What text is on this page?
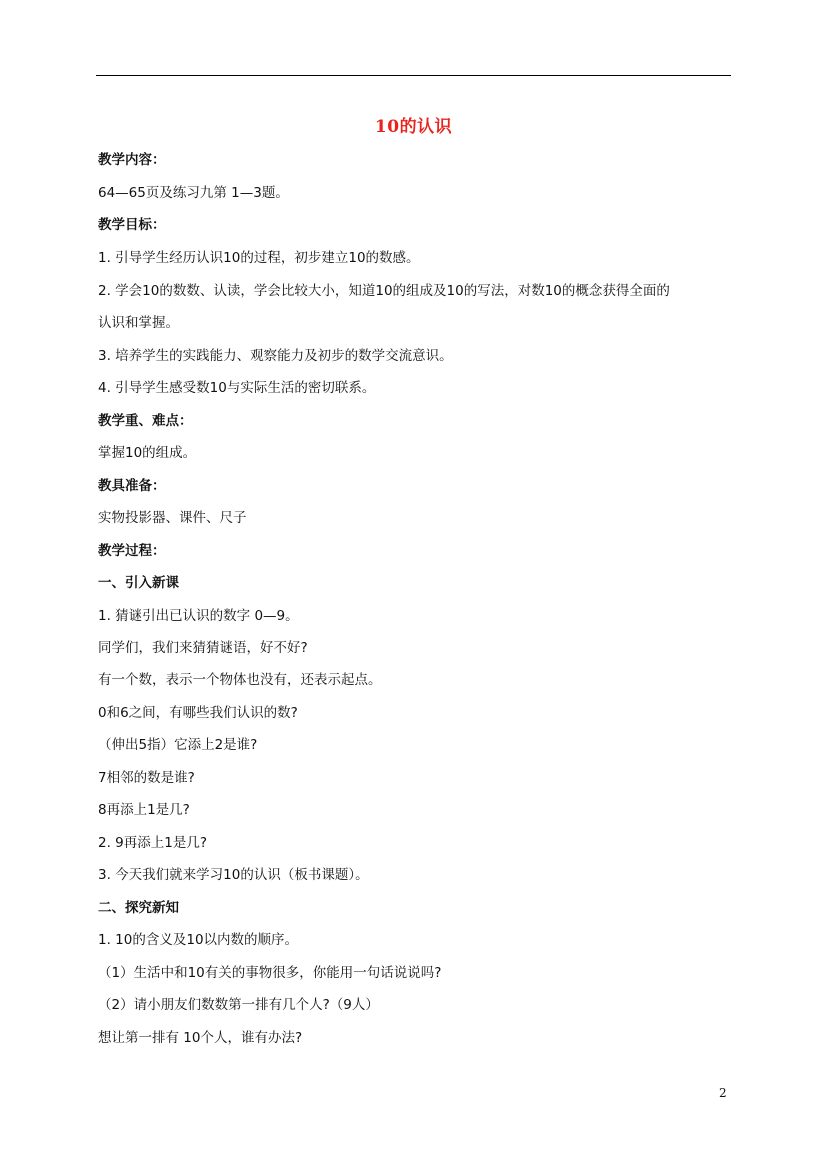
10的认识
教学内容：
64—65页及练习九第 1—3题。
教学目标：
1. 引导学生经历认识10的过程，初步建立10的数感。
2. 学会10的数数、认读，学会比较大小，知道10的组成及10的写法，对数10的概念获得全面的
认识和掌握。
3. 培养学生的实践能力、观察能力及初步的数学交流意识。
4. 引导学生感受数10与实际生活的密切联系。
教学重、难点：
掌握10的组成。
教具准备：
实物投影器、课件、尺子
教学过程：
一、引入新课
1. 猜谜引出已认识的数字 0—9。
同学们，我们来猜猜谜语，好不好?
有一个数，表示一个物体也没有，还表示起点。
0和6之间，有哪些我们认识的数?
（伸出5指）它添上2是谁?
7相邻的数是谁?
8再添上1是几?
2. 9再添上1是几?
3. 今天我们就来学习10的认识（板书课题）。
二、探究新知
1. 10的含义及10以内数的顺序。
（1）生活中和10有关的事物很多，你能用一句话说说吗?
（2）请小朋友们数数第一排有几个人?（9人）
想让第一排有 10个人，谁有办法?
2
